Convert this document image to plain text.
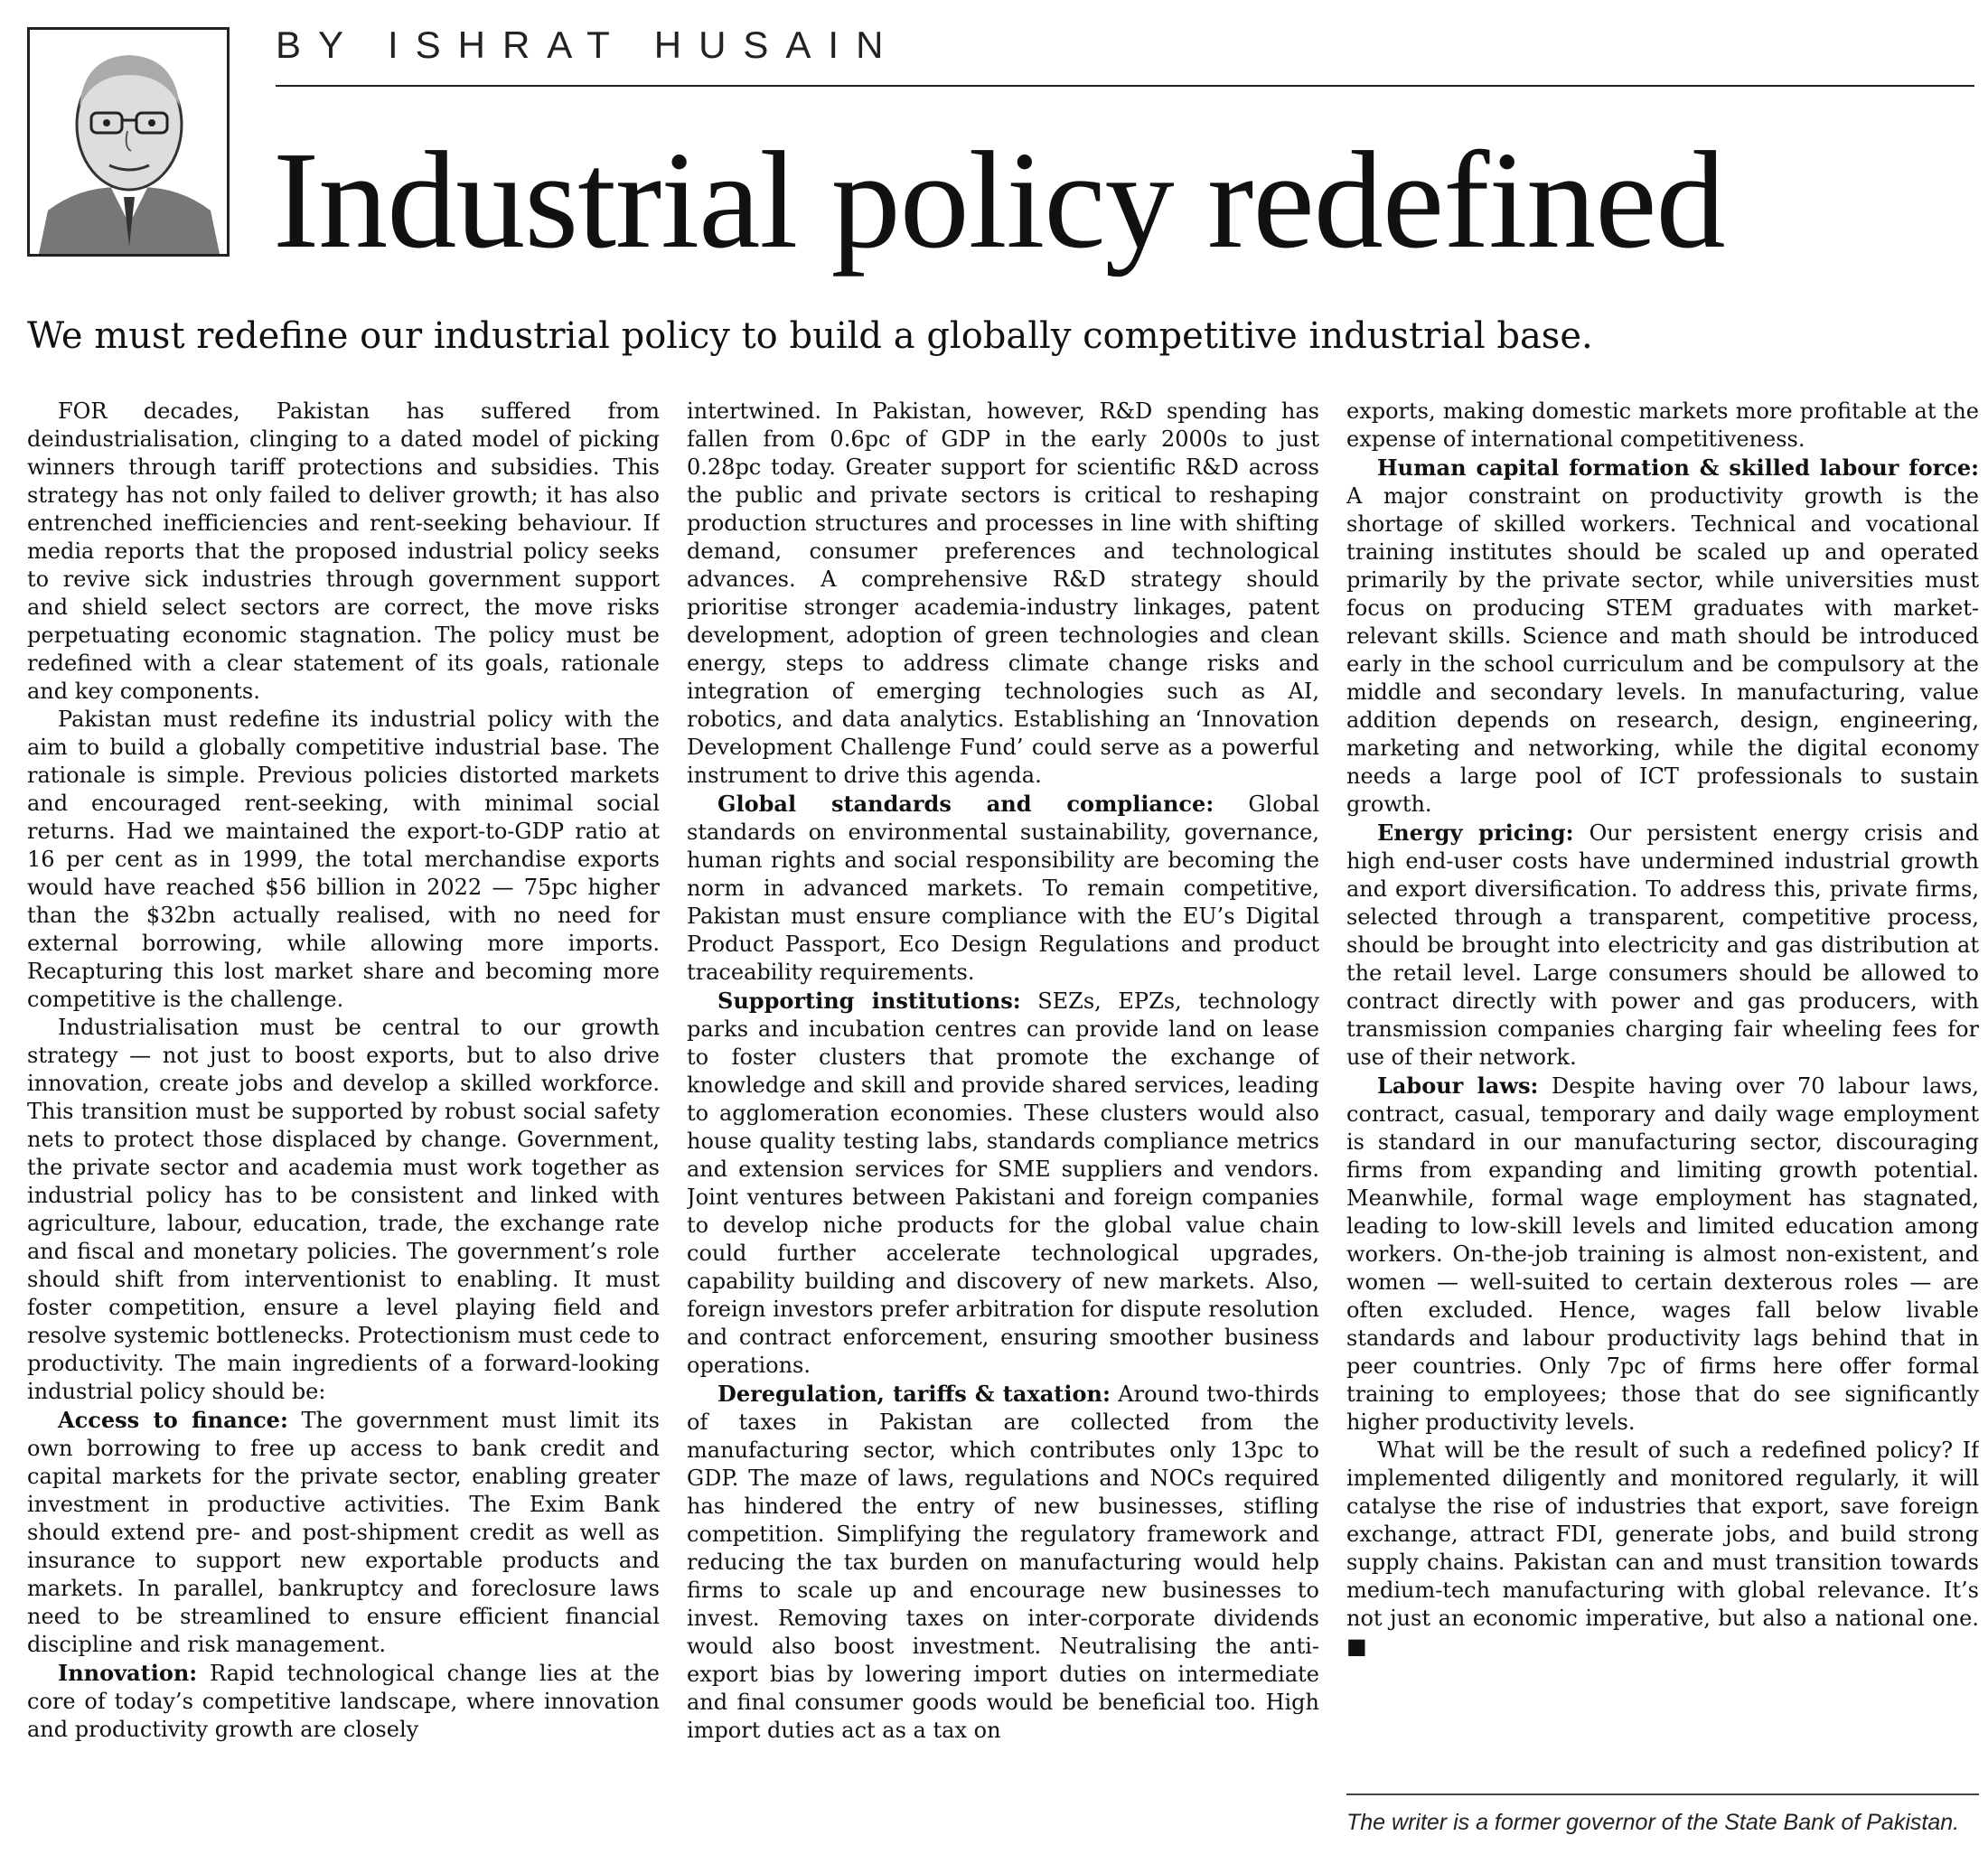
BY ISHRAT HUSAIN
Industrial policy redefined
We must redefine our industrial policy to build a globally competitive industrial base.

FOR decades, Pakistan has suffered from deindustrialisation, clinging to a dated model of picking winners through tariff protections and subsidies. This strategy has not only failed to deliver growth; it has also entrenched inefficiencies and rent-seeking behaviour. If media reports that the proposed industrial policy seeks to revive sick industries through government support and shield select sectors are correct, the move risks perpetuating economic stagnation. The policy must be redefined with a clear statement of its goals, rationale and key components.

Pakistan must redefine its industrial policy with the aim to build a globally competitive industrial base. The rationale is simple. Previous policies distorted markets and encouraged rent-seeking, with minimal social returns. Had we maintained the export-to-GDP ratio at 16 per cent as in 1999, the total merchandise exports would have reached $56 billion in 2022 — 75pc higher than the $32bn actually realised, with no need for external borrowing, while allowing more imports. Recapturing this lost market share and becoming more competitive is the challenge.

Industrialisation must be central to our growth strategy — not just to boost exports, but to also drive innovation, create jobs and develop a skilled workforce. This transition must be supported by robust social safety nets to protect those displaced by change. Government, the private sector and academia must work together as industrial policy has to be consistent and linked with agriculture, labour, education, trade, the exchange rate and fiscal and monetary policies. The government’s role should shift from interventionist to enabling. It must foster competition, ensure a level playing field and resolve systemic bottlenecks. Protectionism must cede to productivity. The main ingredients of a forward-looking industrial policy should be:

Access to finance: The government must limit its own borrowing to free up access to bank credit and capital markets for the private sector, enabling greater investment in productive activities. The Exim Bank should extend pre- and post-shipment credit as well as insurance to support new exportable products and markets. In parallel, bankruptcy and foreclosure laws need to be streamlined to ensure efficient financial discipline and risk management.

Innovation: Rapid technological change lies at the core of today’s competitive landscape, where innovation and productivity growth are closely

intertwined. In Pakistan, however, R&D spending has fallen from 0.6pc of GDP in the early 2000s to just 0.28pc today. Greater support for scientific R&D across the public and private sectors is critical to reshaping production structures and processes in line with shifting demand, consumer preferences and technological advances. A comprehensive R&D strategy should prioritise stronger academia-industry linkages, patent development, adoption of green technologies and clean energy, steps to address climate change risks and integration of emerging technologies such as AI, robotics, and data analytics. Establishing an ‘Innovation Development Challenge Fund’ could serve as a powerful instrument to drive this agenda.

Global standards and compliance: Global standards on environmental sustainability, governance, human rights and social responsibility are becoming the norm in advanced markets. To remain competitive, Pakistan must ensure compliance with the EU’s Digital Product Passport, Eco Design Regulations and product traceability requirements.

Supporting institutions: SEZs, EPZs, technology parks and incubation centres can provide land on lease to foster clusters that promote the exchange of knowledge and skill and provide shared services, leading to agglomeration economies. These clusters would also house quality testing labs, standards compliance metrics and extension services for SME suppliers and vendors. Joint ventures between Pakistani and foreign companies to develop niche products for the global value chain could further accelerate technological upgrades, capability building and discovery of new markets. Also, foreign investors prefer arbitration for dispute resolution and contract enforcement, ensuring smoother business operations.

Deregulation, tariffs & taxation: Around two-thirds of taxes in Pakistan are collected from the manufacturing sector, which contributes only 13pc to GDP. The maze of laws, regulations and NOCs required has hindered the entry of new businesses, stifling competition. Simplifying the regulatory framework and reducing the tax burden on manufacturing would help firms to scale up and encourage new businesses to invest. Removing taxes on inter-corporate dividends would also boost investment. Neutralising the anti-export bias by lowering import duties on intermediate and final consumer goods would be beneficial too. High import duties act as a tax on

exports, making domestic markets more profitable at the expense of international competitiveness.

Human capital formation & skilled labour force: A major constraint on productivity growth is the shortage of skilled workers. Technical and vocational training institutes should be scaled up and operated primarily by the private sector, while universities must focus on producing STEM graduates with market-relevant skills. Science and math should be introduced early in the school curriculum and be compulsory at the middle and secondary levels. In manufacturing, value addition depends on research, design, engineering, marketing and networking, while the digital economy needs a large pool of ICT professionals to sustain growth.

Energy pricing: Our persistent energy crisis and high end-user costs have undermined industrial growth and export diversification. To address this, private firms, selected through a transparent, competitive process, should be brought into electricity and gas distribution at the retail level. Large consumers should be allowed to contract directly with power and gas producers, with transmission companies charging fair wheeling fees for use of their network.

Labour laws: Despite having over 70 labour laws, contract, casual, temporary and daily wage employment is standard in our manufacturing sector, discouraging firms from expanding and limiting growth potential. Meanwhile, formal wage employment has stagnated, leading to low-skill levels and limited education among workers. On-the-job training is almost non-existent, and women — well-suited to certain dexterous roles — are often excluded. Hence, wages fall below livable standards and labour productivity lags behind that in peer countries. Only 7pc of firms here offer formal training to employees; those that do see significantly higher productivity levels.

What will be the result of such a redefined policy? If implemented diligently and monitored regularly, it will catalyse the rise of industries that export, save foreign exchange, attract FDI, generate jobs, and build strong supply chains. Pakistan can and must transition towards medium-tech manufacturing with global relevance. It’s not just an economic imperative, but also a national one. ■

The writer is a former governor of the State Bank of Pakistan.
